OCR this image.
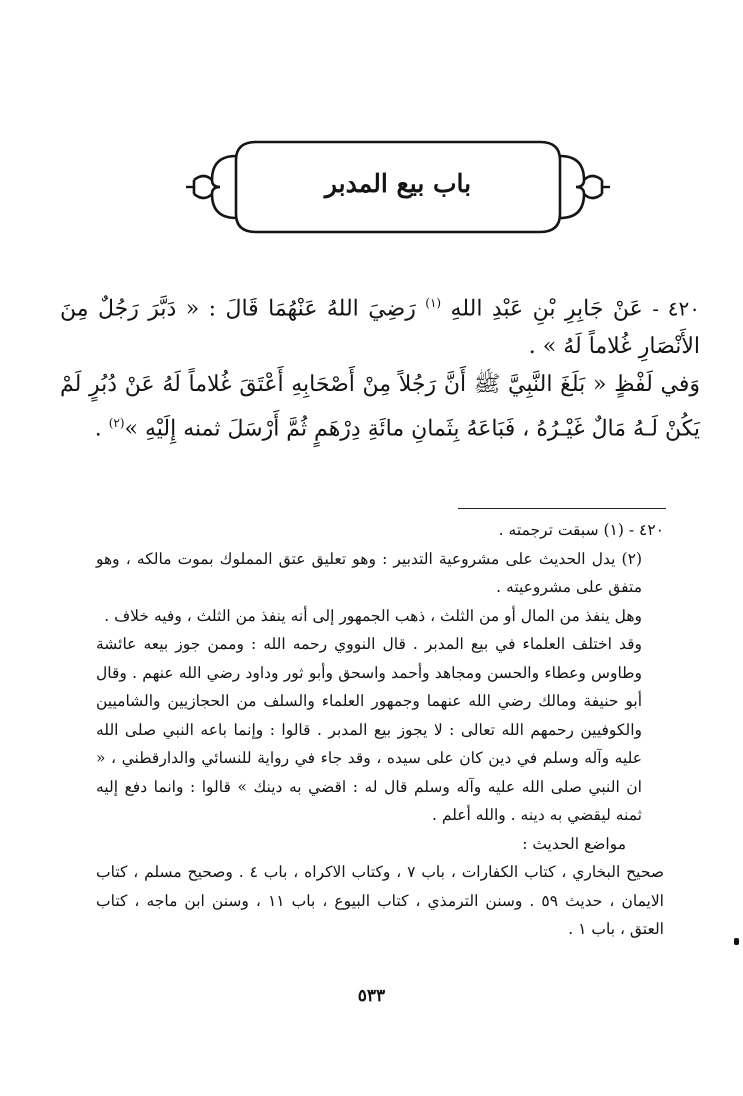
باب بيع المدبر
٤٢٠ - عَنْ جَابِرِ بْنِ عَبْدِ اللهِ $^{(١)}$ رَضِيَ اللهُ عَنْهُمَا قَالَ : « دَبَّرَ رَجُلٌ مِنَ الأَنْصَارِ غُلاماً لَهُ » .
وَفي لَفْظٍ « بَلَغَ النَّبِيَّ ﷺ أَنَّ رَجُلاً مِنْ أَصْحَابِهِ أَعْتَقَ غُلاماً لَهُ عَنْ دُبُرٍ لَمْ يَكُنْ لَـهُ مَالٌ غَيْـرُهُ ، فَبَاعَهُ بِثَمانِ مائَةِ دِرْهَمٍ ثُمَّ أَرْسَلَ ثمنه إِلَيْهِ »$^{(٢)}$ .

٤٢٠ - (١) سبقت ترجمته .

(٢) يدل الحديث على مشروعية التدبير : وهو تعليق عتق المملوك بموت مالكه ، وهو متفق على مشروعيته .

وهل ينفذ من المال أو من الثلث ، ذهب الجمهور إلى أنه ينفذ من الثلث ، وفيه خلاف .

وقد اختلف العلماء في بيع المدبر . قال النووي رحمه الله : وممن جوز بيعه عائشة وطاوس وعطاء والحسن ومجاهد وأحمد واسحق وأبو ثور وداود رضي الله عنهم . وقال أبو حنيفة ومالك رضي الله عنهما وجمهور العلماء والسلف من الحجازيين والشاميين والكوفيين رحمهم الله تعالى : لا يجوز بيع المدبر . قالوا : وإنما باعه النبي صلى الله عليه وآله وسلم في دين كان على سيده ، وقد جاء في رواية للنسائي والدارقطني ، « ان النبي صلى الله عليه وآله وسلم قال له : اقضي به دينك » قالوا : وانما دفع إليه ثمنه ليقضي به دينه . والله أعلم .

مواضع الحديث :

صحيح البخاري ، كتاب الكفارات ، باب ٧ ، وكتاب الاكراه ، باب ٤ . وصحيح مسلم ، كتاب الايمان ، حديث ٥٩ . وسنن الترمذي ، كتاب البيوع ، باب ١١ ، وسنن ابن ماجه ، كتاب العتق ، باب ١ .

٥٣٣
